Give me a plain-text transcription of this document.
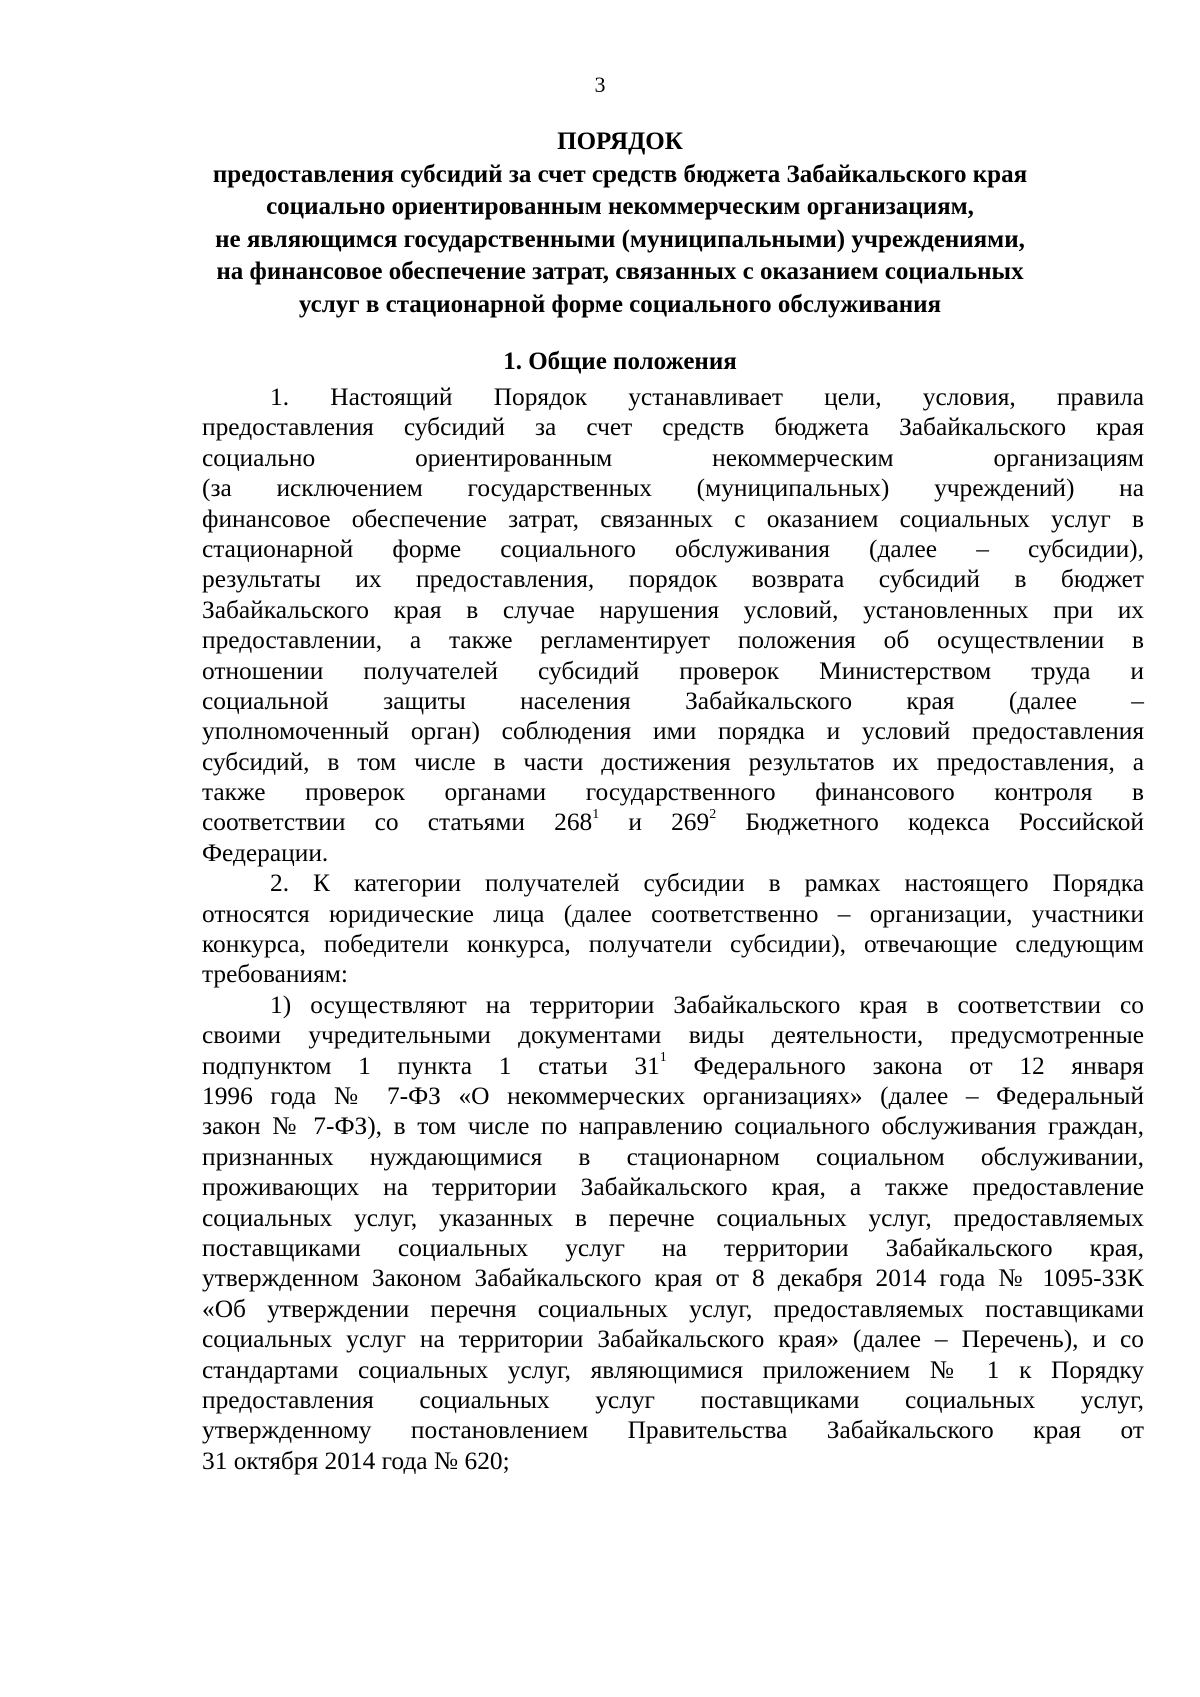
3
ПОРЯДОК
предоставления субсидий за счет средств бюджета Забайкальского края
социально ориентированным некоммерческим организациям,
не являющимся государственными (муниципальными) учреждениями,
на финансовое обеспечение затрат, связанных с оказанием социальных
услуг в стационарной форме социального обслуживания
1. Общие положения
1. Настоящий Порядок устанавливает цели, условия, правила
предоставления субсидий за счет средств бюджета Забайкальского края
социально ориентированным некоммерческим организациям
(за исключением государственных (муниципальных) учреждений) на
финансовое обеспечение затрат, связанных с оказанием социальных услуг в
стационарной форме социального обслуживания (далее – субсидии),
результаты их предоставления, порядок возврата субсидий в бюджет
Забайкальского края в случае нарушения условий, установленных при их
предоставлении, а также регламентирует положения об осуществлении в
отношении получателей субсидий проверок Министерством труда и
социальной защиты населения Забайкальского края (далее –
уполномоченный орган) соблюдения ими порядка и условий предоставления
субсидий, в том числе в части достижения результатов их предоставления, а
также проверок органами государственного финансового контроля в
соответствии со статьями $268^1$ и $269^2$ Бюджетного кодекса Российской
Федерации.
2. К категории получателей субсидии в рамках настоящего Порядка
относятся юридические лица (далее соответственно – организации, участники
конкурса, победители конкурса, получатели субсидии), отвечающие следующим
требованиям:
1) осуществляют на территории Забайкальского края в соответствии со
своими учредительными документами виды деятельности, предусмотренные
подпунктом 1 пункта 1 статьи $31^1$ Федерального закона от 12 января
1996 года № 7-ФЗ «О некоммерческих организациях» (далее – Федеральный
закон № 7-ФЗ), в том числе по направлению социального обслуживания граждан,
признанных нуждающимися в стационарном социальном обслуживании,
проживающих на территории Забайкальского края, а также предоставление
социальных услуг, указанных в перечне социальных услуг, предоставляемых
поставщиками социальных услуг на территории Забайкальского края,
утвержденном Законом Забайкальского края от 8 декабря 2014 года № 1095-ЗЗК
«Об утверждении перечня социальных услуг, предоставляемых поставщиками
социальных услуг на территории Забайкальского края» (далее – Перечень), и со
стандартами социальных услуг, являющимися приложением № 1 к Порядку
предоставления социальных услуг поставщиками социальных услуг,
утвержденному постановлением Правительства Забайкальского края от
31 октября 2014 года № 620;
